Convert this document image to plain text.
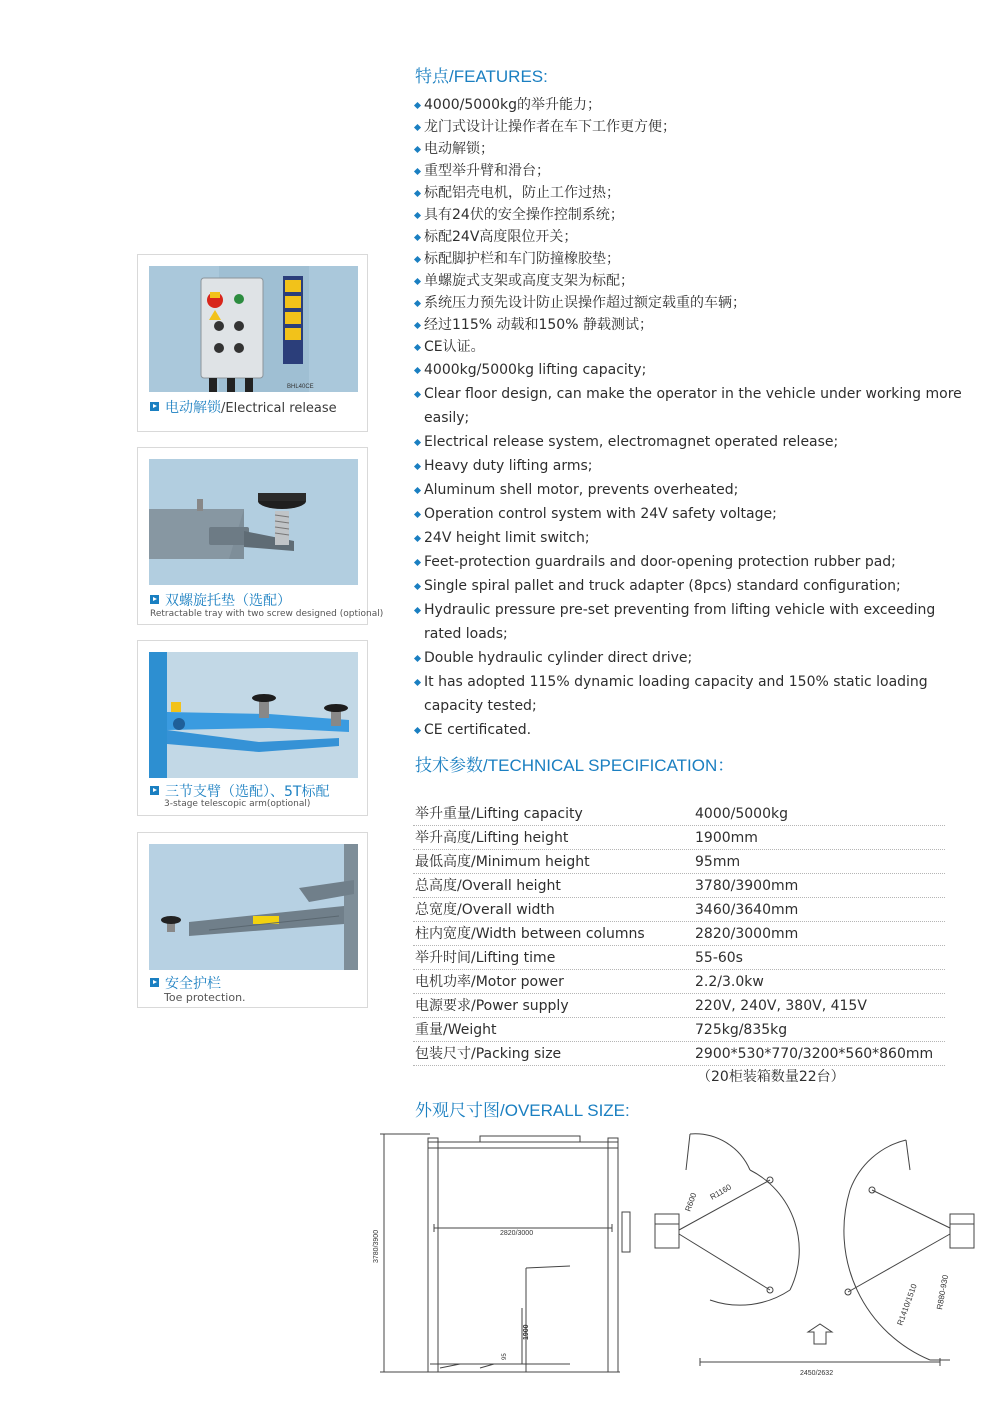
BHL40CE
电动解锁/Electrical release
双螺旋托垫（选配）
Retractable tray with two screw designed (optional)
三节支臂（选配）、5T标配
3-stage telescopic arm(optional)
安全护栏
Toe protection.
特点/FEATURES:
4000/5000kg的举升能力；
龙门式设计让操作者在车下工作更方便；
电动解锁；
重型举升臂和滑台；
标配铝壳电机，防止工作过热；
具有24伏的安全操作控制系统；
标配24V高度限位开关；
标配脚护栏和车门防撞橡胶垫；
单螺旋式支架或高度支架为标配；
系统压力预先设计防止误操作超过额定载重的车辆；
经过115% 动载和150% 静载测试；
CE认证。
4000kg/5000kg lifting capacity;
Clear floor design, can make the operator in the vehicle under working more easily;
Electrical release system, electromagnet operated release;
Heavy duty lifting arms;
Aluminum shell motor, prevents overheated;
Operation control system with 24V safety voltage;
24V height limit switch;
Feet-protection guardrails and door-opening protection rubber pad;
Single spiral pallet and truck adapter (8pcs) standard configuration;
Hydraulic pressure pre-set preventing from lifting vehicle with exceeding rated loads;
Double hydraulic cylinder direct drive;
It has adopted 115% dynamic loading capacity and 150% static loading capacity tested;
CE certificated.
技术参数/TECHNICAL SPECIFICATION：
举升重量/Lifting capacity	4000/5000kg
举升高度/Lifting height	1900mm
最低高度/Minimum height	95mm
总高度/Overall height	3780/3900mm
总宽度/Overall width	3460/3640mm
柱内宽度/Width between columns	2820/3000mm
举升时间/Lifting time	55-60s
电机功率/Motor power	2.2/3.0kw
电源要求/Power supply	220V, 240V, 380V, 415V
重量/Weight	725kg/835kg
包装尺寸/Packing size	2900*530*770/3200*560*860mm
（20柜装箱数量22台）
外观尺寸图/OVERALL SIZE:
3780/3900	2820/3000
1900
95
R600 R1160
R1410/1510 R880-930
2450/2632
